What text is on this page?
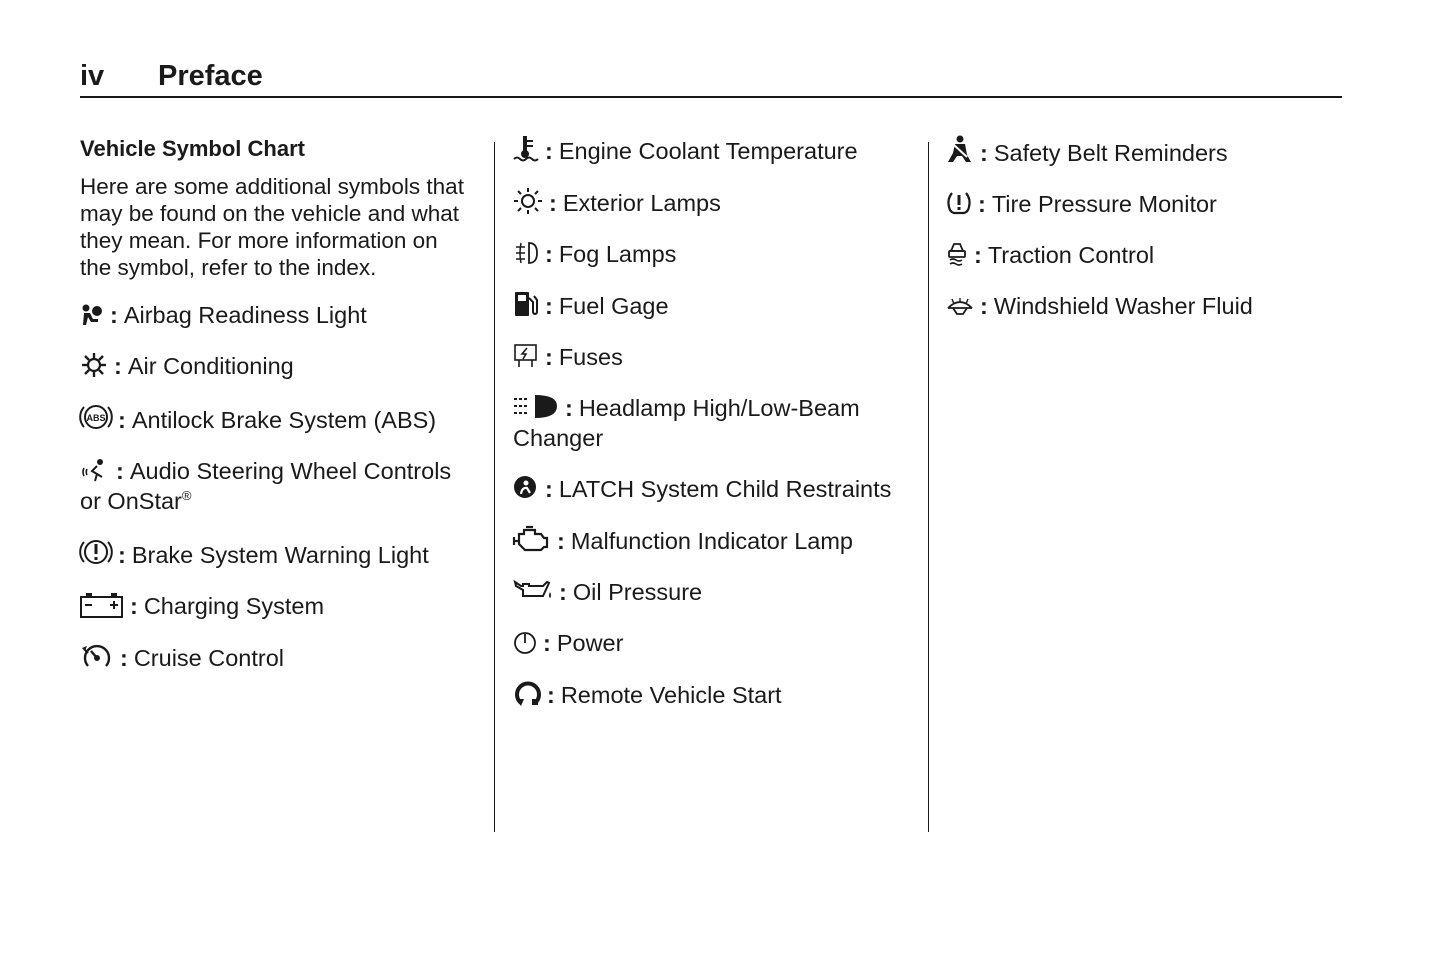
iv Preface
Vehicle Symbol Chart
Here are some additional symbols that may be found on the vehicle and what they mean. For more information on the symbol, refer to the index.
: Airbag Readiness Light
: Air Conditioning
ABS : Antilock Brake System (ABS)
: Audio Steering Wheel Controls or OnStar®
: Brake System Warning Light
: Charging System
: Cruise Control
: Engine Coolant Temperature
: Exterior Lamps
: Fog Lamps
: Fuel Gage
: Fuses
: Headlamp High/Low-Beam Changer
: LATCH System Child Restraints
: Malfunction Indicator Lamp
: Oil Pressure
: Power
: Remote Vehicle Start
: Safety Belt Reminders
: Tire Pressure Monitor
: Traction Control
: Windshield Washer Fluid
